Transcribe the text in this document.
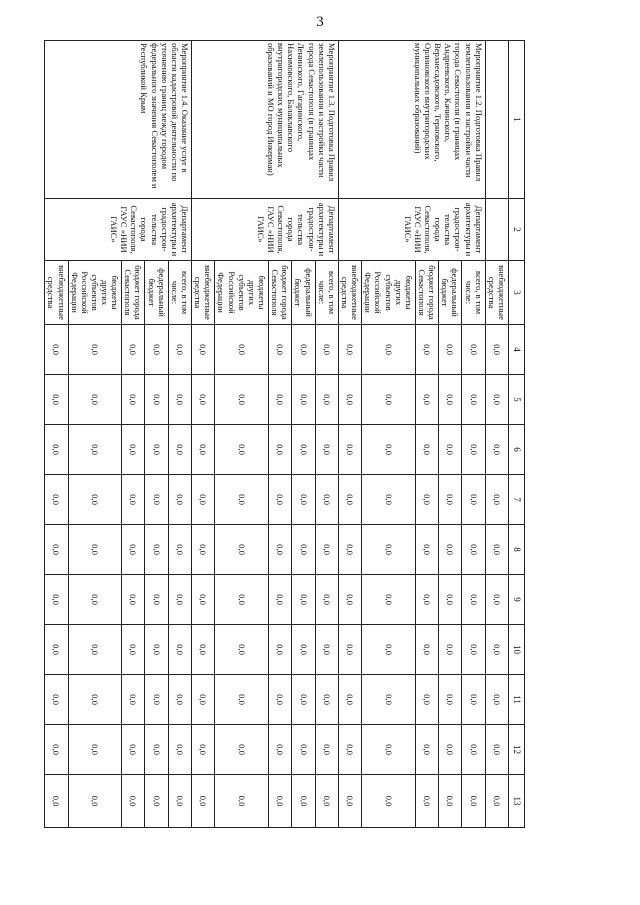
3
1	2	3	4	5	6	7	8	9	10	11	12	13
		внебюджетные средства	0,0	0,0	0,0	0,0	0,0	0,0	0,0	0,0	0,0	0,0
Мероприятие 1.2. Подготовка Правил землепользования и застройки части города Севастополя (в границах Андреевского, Качинского, Верхнесадовского, Терновского, Орлиновского внутригородских муниципальных образований)	Департамент архитектуры и градострои-тельства города Севастополя, ГАУС «НИИ ГАИС»	всего, в том числе:	0,0	0,0	0,0	0,0	0,0	0,0	0,0	0,0	0,0	0,0
		федеральный бюджет	0,0	0,0	0,0	0,0	0,0	0,0	0,0	0,0	0,0	0,0
		бюджет города Севастополя	0,0	0,0	0,0	0,0	0,0	0,0	0,0	0,0	0,0	0,0
		бюджеты других субъектов Российской Федерации	0,0	0,0	0,0	0,0	0,0	0,0	0,0	0,0	0,0	0,0
		внебюджетные средства	0,0	0,0	0,0	0,0	0,0	0,0	0,0	0,0	0,0	0,0
Мероприятие 1.3. Подготовка Правил землепользования и застройки части города Севастополя (в границах Ленинского, Гагаринского, Нахимовского, Балаклавского внутригородских муниципальных образований и МО город Инкерман)	Департамент архитектуры и градострои-тельства города Севастополя, ГАУС «НИИ ГАИС»	всего, в том числе:	0,0	0,0	0,0	0,0	0,0	0,0	0,0	0,0	0,0	0,0
		федеральный бюджет	0,0	0,0	0,0	0,0	0,0	0,0	0,0	0,0	0,0	0,0
		бюджет города Севастополя	0,0	0,0	0,0	0,0	0,0	0,0	0,0	0,0	0,0	0,0
		бюджеты других субъектов Российской Федерации	0,0	0,0	0,0	0,0	0,0	0,0	0,0	0,0	0,0	0,0
		внебюджетные средства	0,0	0,0	0,0	0,0	0,0	0,0	0,0	0,0	0,0	0,0
Мероприятие 1.4. Оказание услуг в области кадастровой деятельности по уточнению границ между городом федерального значения Севастополем и Республикой Крым	Департамент архитектуры и градострои-тельства города Севастополя, ГАУС «НИИ ГАИС»	всего, в том числе:	0,0	0,0	0,0	0,0	0,0	0,0	0,0	0,0	0,0	0,0
		федеральный бюджет	0,0	0,0	0,0	0,0	0,0	0,0	0,0	0,0	0,0	0,0
		бюджет города Севастополя	0,0	0,0	0,0	0,0	0,0	0,0	0,0	0,0	0,0	0,0
		бюджеты других субъектов Российской Федерации	0,0	0,0	0,0	0,0	0,0	0,0	0,0	0,0	0,0	0,0
		внебюджетные средства	0,0	0,0	0,0	0,0	0,0	0,0	0,0	0,0	0,0	0,0
